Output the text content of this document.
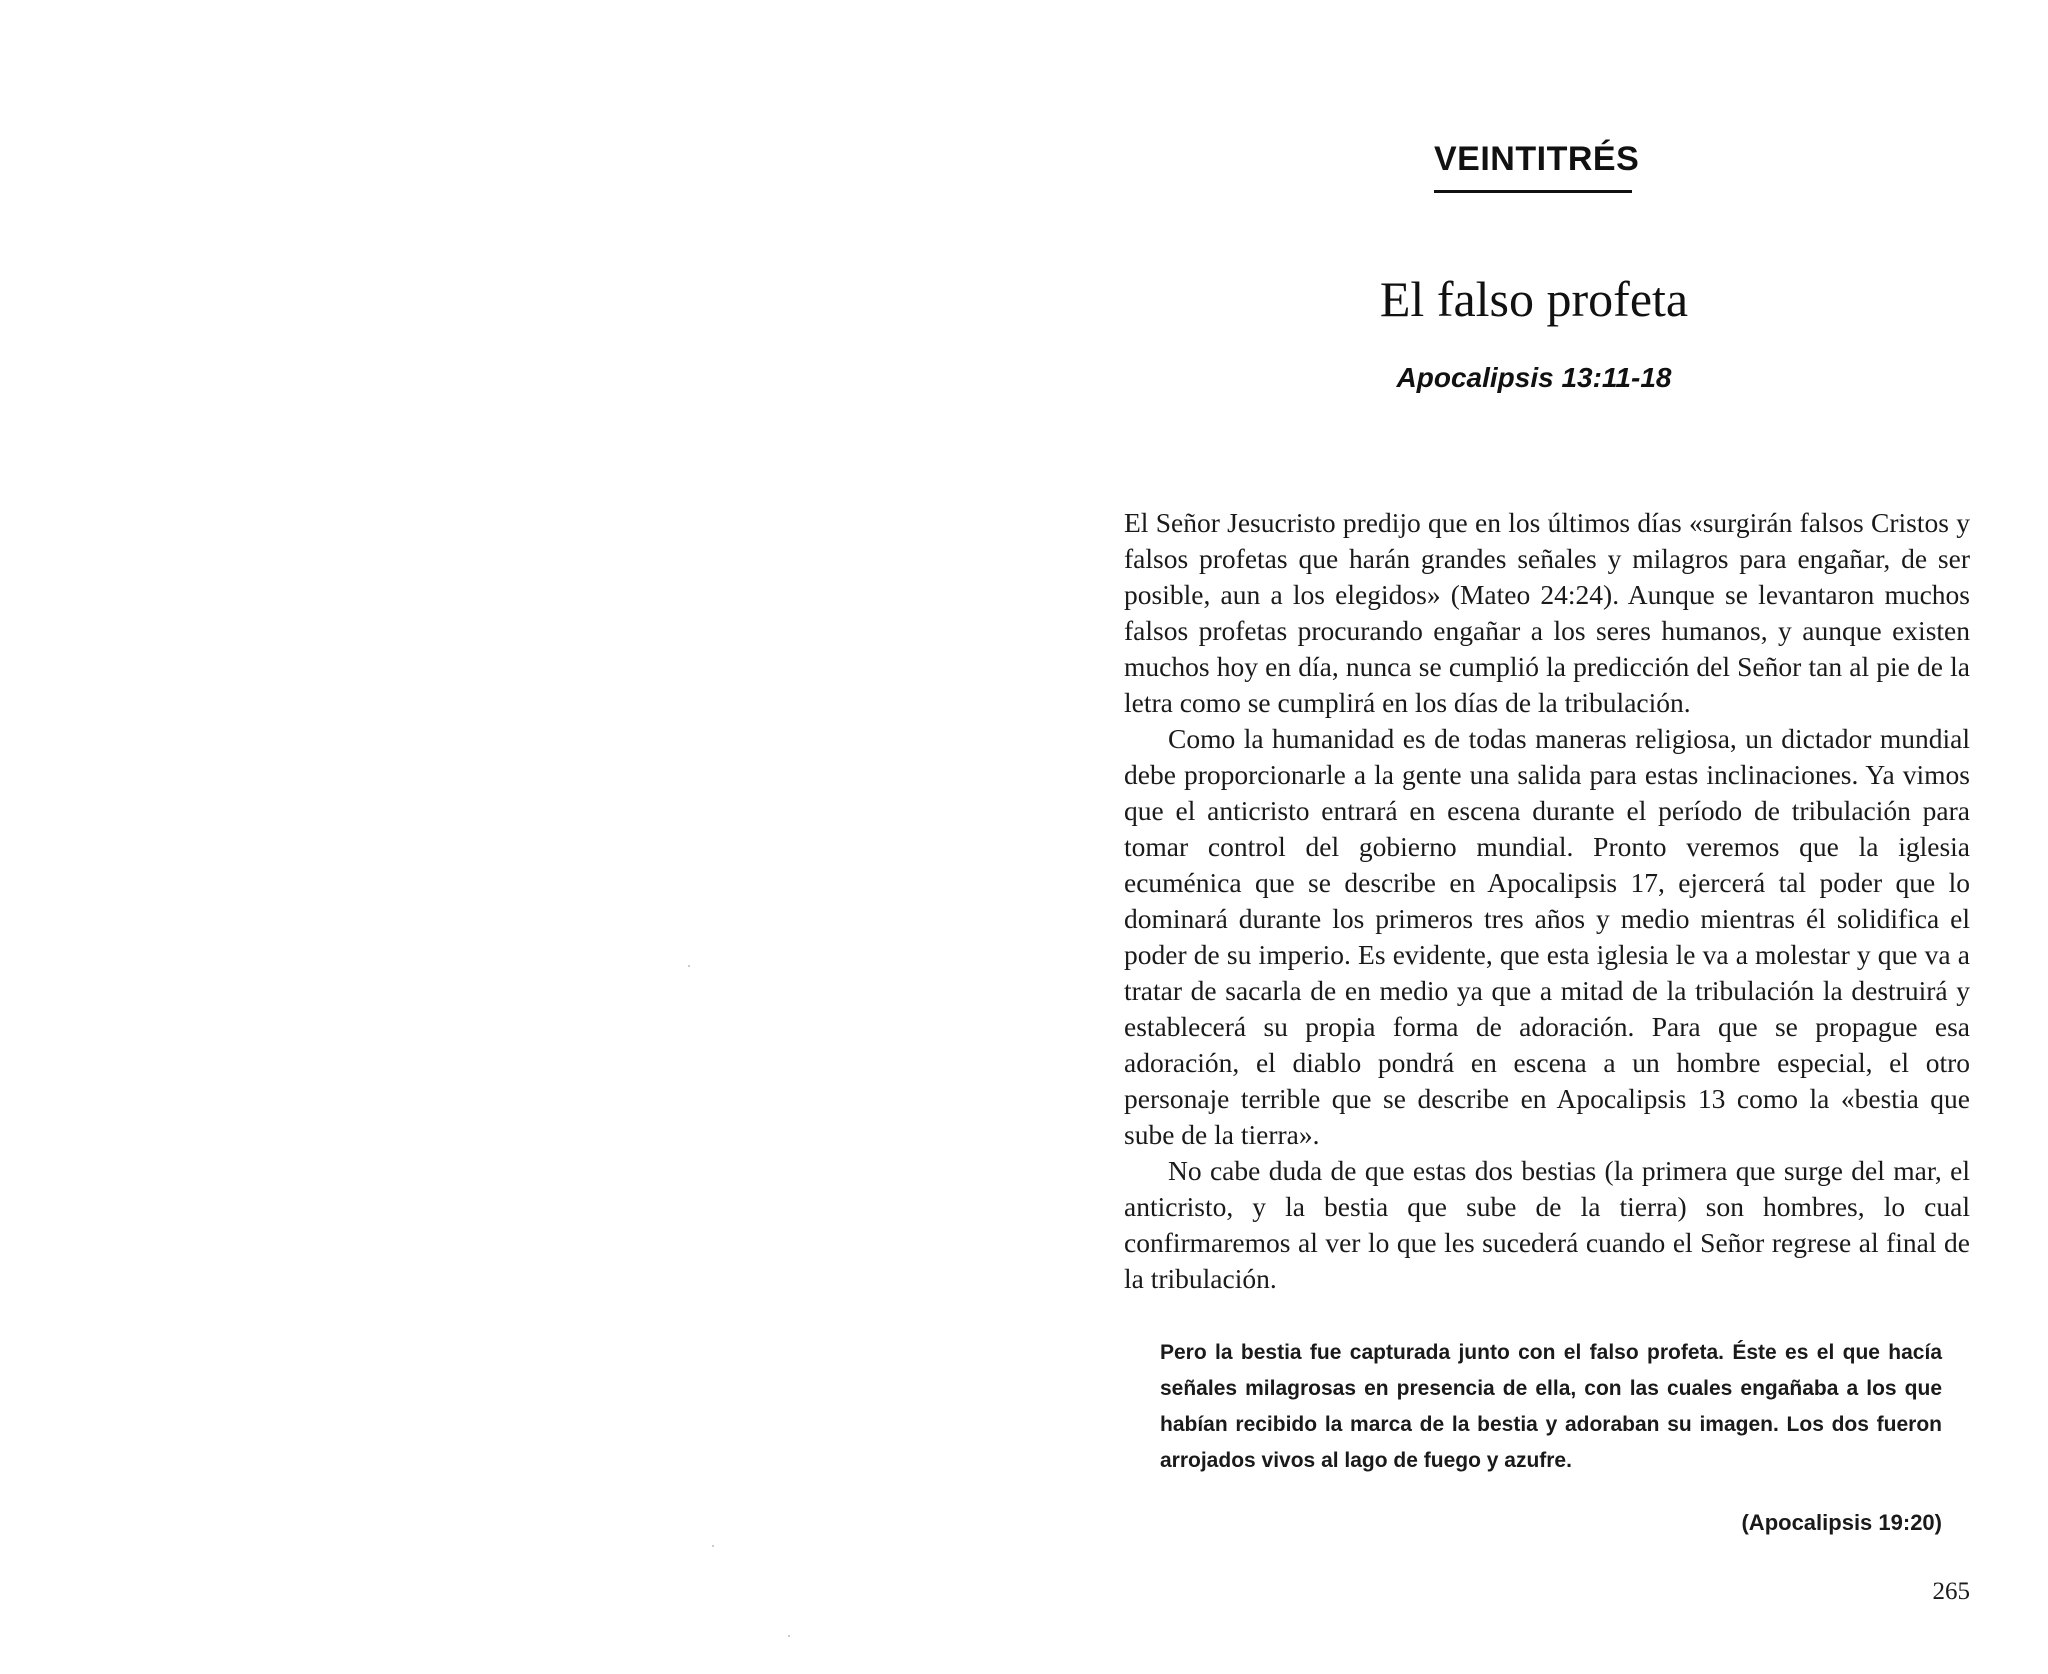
VEINTITRÉS
El falso profeta
Apocalipsis 13:11-18

El Señor Jesucristo predijo que en los últimos días «surgirán falsos Cristos y falsos profetas que harán grandes señales y milagros para engañar, de ser posible, aun a los elegidos» (Mateo 24:24). Aunque se levantaron muchos falsos profetas procurando engañar a los seres humanos, y aunque existen muchos hoy en día, nunca se cumplió la predicción del Señor tan al pie de la letra como se cumplirá en los días de la tribulación.

Como la humanidad es de todas maneras religiosa, un dictador mundial debe proporcionarle a la gente una salida para estas inclinaciones. Ya vimos que el anticristo entrará en escena durante el período de tribulación para tomar control del gobierno mundial. Pronto veremos que la iglesia ecuménica que se describe en Apocalipsis 17, ejercerá tal poder que lo dominará durante los primeros tres años y medio mientras él solidifica el poder de su imperio. Es evidente, que esta iglesia le va a molestar y que va a tratar de sacarla de en medio ya que a mitad de la tribulación la destruirá y establecerá su propia forma de adoración. Para que se propague esa adoración, el diablo pondrá en escena a un hombre especial, el otro personaje terrible que se describe en Apocalipsis 13 como la «bestia que sube de la tierra».

No cabe duda de que estas dos bestias (la primera que surge del mar, el anticristo, y la bestia que sube de la tierra) son hombres, lo cual confirmaremos al ver lo que les sucederá cuando el Señor regrese al final de la tribulación.

Pero la bestia fue capturada junto con el falso profeta. Éste es el que hacía señales milagrosas en presencia de ella, con las cuales engañaba a los que habían recibido la marca de la bestia y adoraban su imagen. Los dos fueron arrojados vivos al lago de fuego y azufre.
(Apocalipsis 19:20)
265
